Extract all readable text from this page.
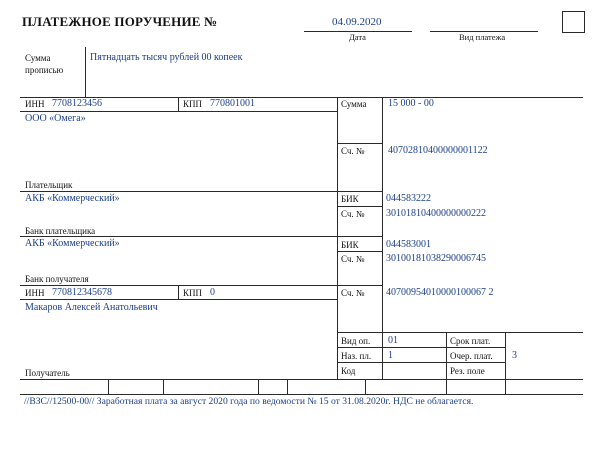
ПЛАТЕЖНОЕ ПОРУЧЕНИЕ №	04.09.2020
Дата	Вид платежа
Сумма прописью
Пятнадцать тысяч рублей 00 копеек
ИНН 7708123456	КПП 770801001
ООО «Омега»
Сумма 15 000 - 00
Сч. № 40702810400000001122
Плательщик
АКБ «Коммерческий»	БИК	044583222
Сч. № 30101810400000000222
Банк плательщика
АКБ «Коммерческий»	БИК	044583001
Сч. № 30100181038290006745
Банк получателя
ИНН 770812345678	КПП 0
Макаров Алексей Анатольевич
Сч. № 40700954010000100067 2
Вид оп. 01
Наз. пл. 1
Код
Срок плат.
Очер. плат. 3
Рез. поле
Получатель
//ВЗС//12500-00// Заработная плата за август 2020 года по ведомости № 15 от 31.08.2020г. НДС не облагается.
